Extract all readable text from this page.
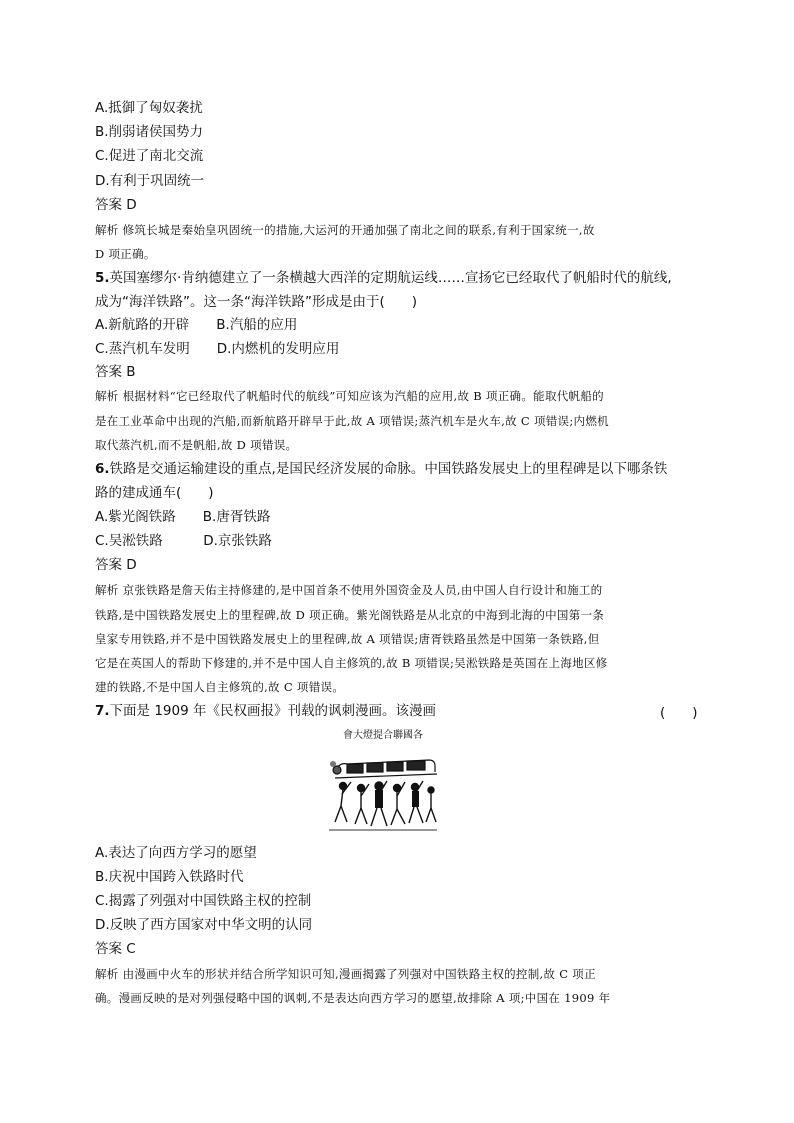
A.抵御了匈奴袭扰
B.削弱诸侯国势力
C.促进了南北交流
D.有利于巩固统一
答案 D
解析 修筑长城是秦始皇巩固统一的措施,大运河的开通加强了南北之间的联系,有利于国家统一,故
D 项正确。
5.英国塞缪尔·肯纳德建立了一条横越大西洋的定期航运线……宣扬它已经取代了帆船时代的航线,
成为“海洋铁路”。这一条“海洋铁路”形成是由于(　　)
A.新航路的开辟　　B.汽船的应用
C.蒸汽机车发明　　D.内燃机的发明应用
答案 B
解析 根据材料“它已经取代了帆船时代的航线”可知应该为汽船的应用,故 B 项正确。能取代帆船的
是在工业革命中出现的汽船,而新航路开辟早于此,故 A 项错误;蒸汽机车是火车,故 C 项错误;内燃机
取代蒸汽机,而不是帆船,故 D 项错误。
6.铁路是交通运输建设的重点,是国民经济发展的命脉。中国铁路发展史上的里程碑是以下哪条铁
路的建成通车(　　)
A.紫光阁铁路　　B.唐胥铁路
C.吴淞铁路　　　D.京张铁路
答案 D
解析 京张铁路是詹天佑主持修建的,是中国首条不使用外国资金及人员,由中国人自行设计和施工的
铁路,是中国铁路发展史上的里程碑,故 D 项正确。紫光阁铁路是从北京的中海到北海的中国第一条
皇家专用铁路,并不是中国铁路发展史上的里程碑,故 A 项错误;唐胥铁路虽然是中国第一条铁路,但
它是在英国人的帮助下修建的,并不是中国人自主修筑的,故 B 项错误;吴淞铁路是英国在上海地区修
建的铁路,不是中国人自主修筑的,故 C 项错误。
7.下面是 1909 年《民权画报》刊载的讽刺漫画。该漫画	(　　)
會大燈提合聯國各
A.表达了向西方学习的愿望
B.庆祝中国跨入铁路时代
C.揭露了列强对中国铁路主权的控制
D.反映了西方国家对中华文明的认同
答案 C
解析 由漫画中火车的形状并结合所学知识可知,漫画揭露了列强对中国铁路主权的控制,故 C 项正
确。漫画反映的是对列强侵略中国的讽刺,不是表达向西方学习的愿望,故排除 A 项;中国在 1909 年
